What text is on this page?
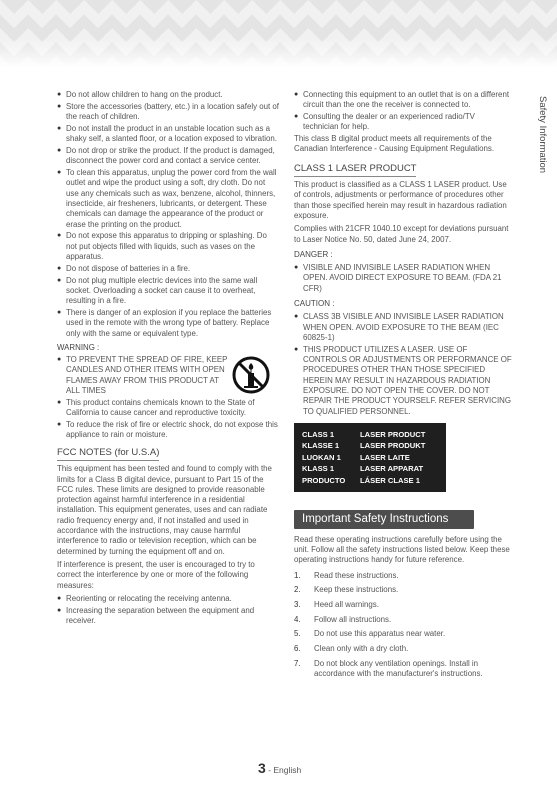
Safety Information
● Do not allow children to hang on the product.
● Store the accessories (battery, etc.) in a location safely out of the reach of children.
● Do not install the product in an unstable location such as a shaky self, a slanted floor, or a location exposed to vibration.
● Do not drop or strike the product. If the product is damaged, disconnect the power cord and contact a service center.
● To clean this apparatus, unplug the power cord from the wall outlet and wipe the product using a soft, dry cloth. Do not use any chemicals such as wax, benzene, alcohol, thinners, insecticide, air fresheners, lubricants, or detergent. These chemicals can damage the appearance of the product or erase the printing on the product.
● Do not expose this apparatus to dripping or splashing. Do not put objects filled with liquids, such as vases on the apparatus.
● Do not dispose of batteries in a fire.
● Do not plug multiple electric devices into the same wall socket. Overloading a socket can cause it to overheat, resulting in a fire.
● There is danger of an explosion if you replace the batteries used in the remote with the wrong type of battery. Replace only with the same or equivalent type.
WARNING :
● TO PREVENT THE SPREAD OF FIRE, KEEP CANDLES AND OTHER ITEMS WITH OPEN FLAMES AWAY FROM THIS PRODUCT AT ALL TIMES
● This product contains chemicals known to the State of California to cause cancer and reproductive toxicity.
● To reduce the risk of fire or electric shock, do not expose this appliance to rain or moisture.
FCC NOTES (for U.S.A)

This equipment has been tested and found to comply with the limits for a Class B digital device, pursuant to Part 15 of the FCC rules. These limits are designed to provide reasonable protection against harmful interference in a residential installation. This equipment generates, uses and can radiate radio frequency energy and, if not installed and used in accordance with the instructions, may cause harmful interference to radio or television reception, which can be determined by turning the equipment off and on.

If interference is present, the user is encouraged to try to correct the interference by one or more of the following measures:

● Reorienting or relocating the receiving antenna.
● Increasing the separation between the equipment and receiver.
● Connecting this equipment to an outlet that is on a different circuit than the one the receiver is connected to.
● Consulting the dealer or an experienced radio/TV technician for help.

This class B digital product meets all requirements of the Canadian Interference - Causing Equipment Regulations.

CLASS 1 LASER PRODUCT

This product is classified as a CLASS 1 LASER product. Use of controls, adjustments or performance of procedures other than those specified herein may result in hazardous radiation exposure.

Complies with 21CFR 1040.10 except for deviations pursuant to Laser Notice No. 50, dated June 24, 2007.

DANGER :
● VISIBLE AND INVISIBLE LASER RADIATION WHEN OPEN. AVOID DIRECT EXPOSURE TO BEAM. (FDA 21 CFR)
CAUTION :
● CLASS 3B VISIBLE AND INVISIBLE LASER RADIATION WHEN OPEN. AVOID EXPOSURE TO THE BEAM (IEC 60825-1)
● THIS PRODUCT UTILIZES A LASER. USE OF CONTROLS OR ADJUSTMENTS OR PERFORMANCE OF PROCEDURES OTHER THAN THOSE SPECIFIED HEREIN MAY RESULT IN HAZARDOUS RADIATION EXPOSURE. DO NOT OPEN THE COVER. DO NOT REPAIR THE PRODUCT YOURSELF. REFER SERVICING TO QUALIFIED PERSONNEL.
CLASS 1	LASER PRODUCT
KLASSE 1	LASER PRODUKT
LUOKAN 1	LASER LAITE
KLASS 1	LASER APPARAT
PRODUCTO	LÁSER CLASE 1
Important Safety Instructions

Read these operating instructions carefully before using the unit. Follow all the safety instructions listed below. Keep these operating instructions handy for future reference.

1. Read these instructions.
2. Keep these instructions.
3. Heed all warnings.
4. Follow all instructions.
5. Do not use this apparatus near water.
6. Clean only with a dry cloth.
7. Do not block any ventilation openings. Install in accordance with the manufacturer's instructions.
3 - English
